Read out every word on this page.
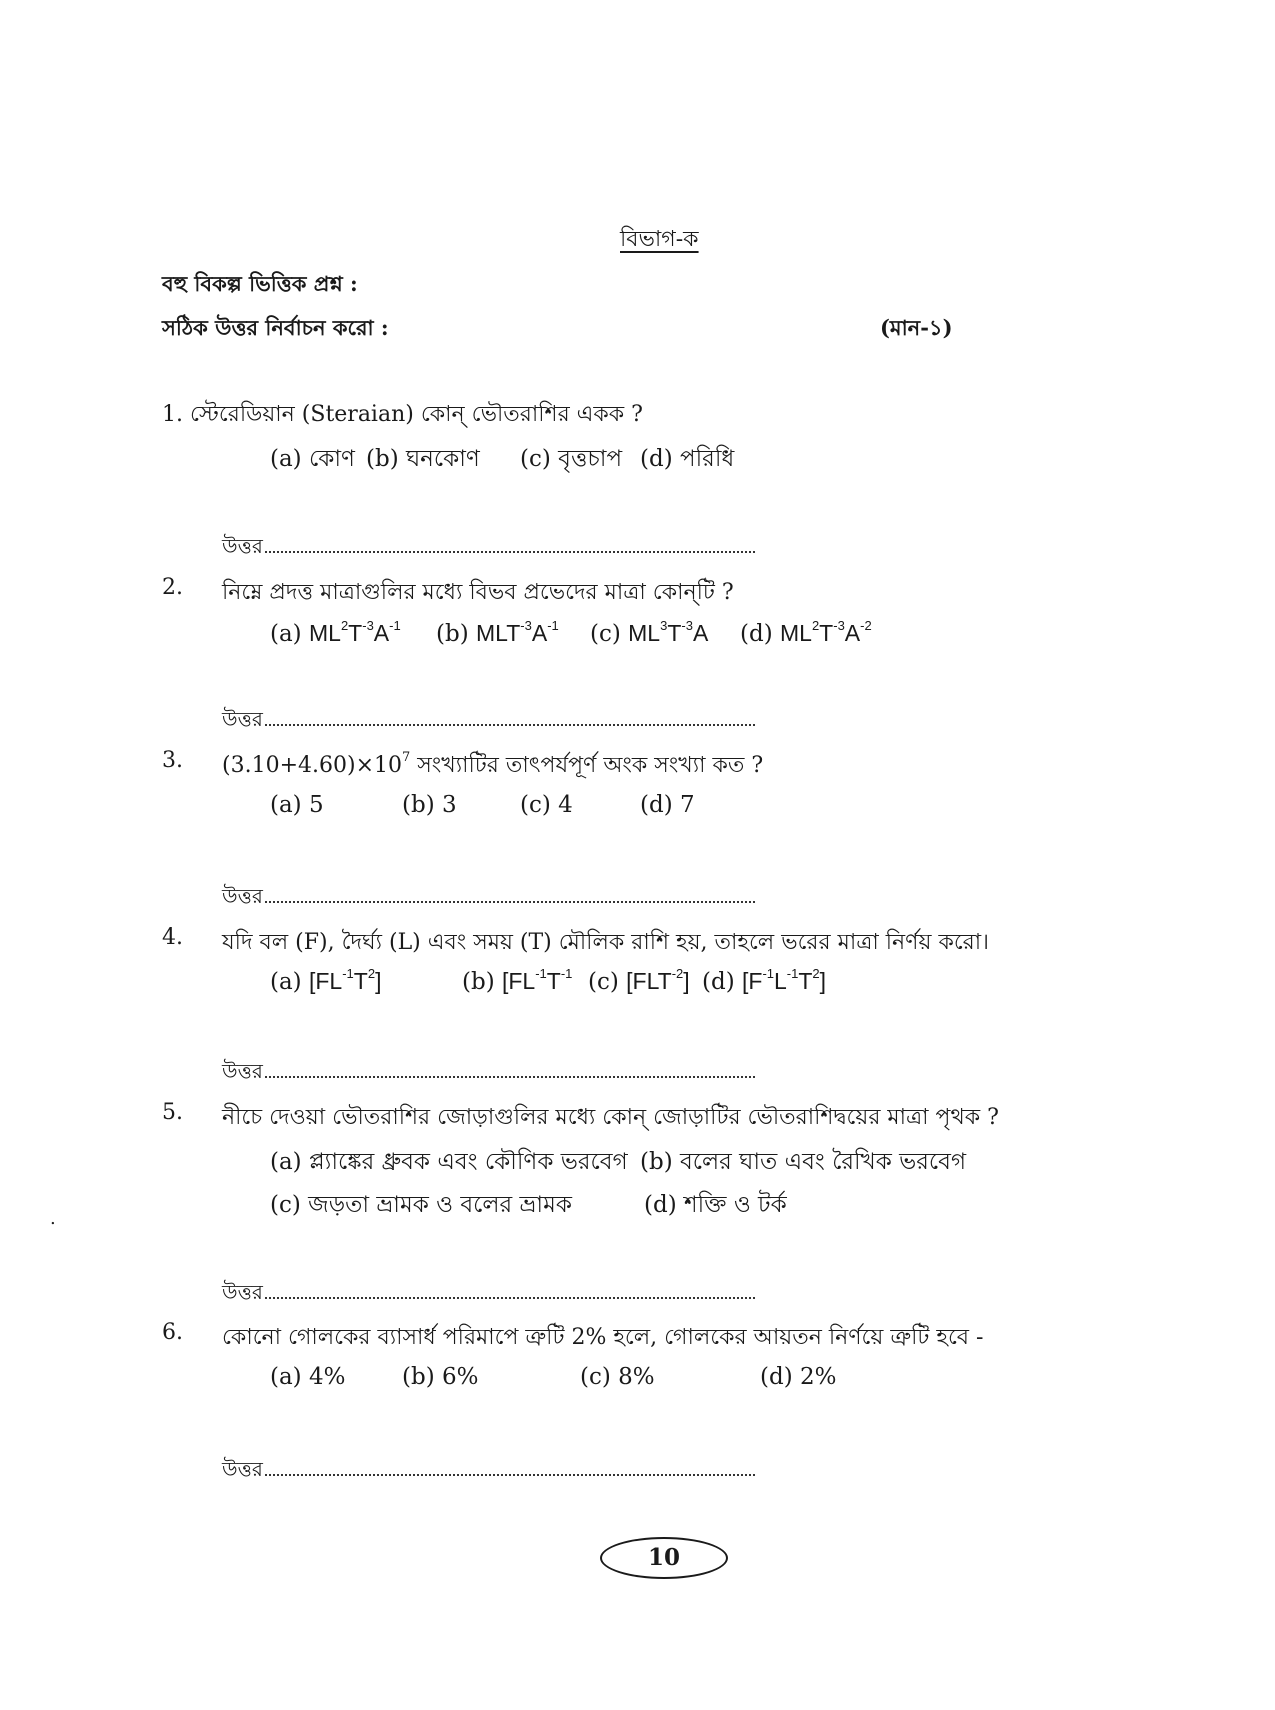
বিভাগ-ক
বহু বিকল্প ভিত্তিক প্রশ্ন :
সঠিক উত্তর নির্বাচন করো :	(মান-১)
1. স্টেরেডিয়ান (Steraian) কোন্ ভৌতরাশির একক ?
(a) কোণ (b) ঘনকোণ (c) বৃত্তচাপ (d) পরিধি
উত্তর
2. নিম্নে প্রদত্ত মাত্রাগুলির মধ্যে বিভব প্রভেদের মাত্রা কোন্‌টি ?
(a) $ML^2T^{-3}A^{-1}$ (b) $MLT^{-3}A^{-1}$ (c) $ML^3T^{-3}A$ (d) $ML^2T^{-3}A^{-2}$
উত্তর
3. $(3.10+4.60)\times 10^7$ সংখ্যাটির তাৎপর্যপূর্ণ অংক সংখ্যা কত ?
(a) 5	(b) 3	(c) 4	(d) 7
উত্তর
4. যদি বল (F), দৈর্ঘ্য (L) এবং সময় (T) মৌলিক রাশি হয়, তাহলে ভরের মাত্রা নির্ণয় করো।
(a) $[FL^{-1}T^2]$	(b) [$FL^{-1}T^{-1}$ (c) $[FLT^{-2}]$ (d) $[F^{-1}L^{-1}T^2]$
উত্তর
5. নীচে দেওয়া ভৌতরাশির জোড়াগুলির মধ্যে কোন্ জোড়াটির ভৌতরাশিদ্বয়ের মাত্রা পৃথক ?
(a) প্ল্যাঙ্কের ধ্রুবক এবং কৌণিক ভরবেগ (b) বলের ঘাত এবং রৈখিক ভরবেগ
(c) জড়তা ভ্রামক ও বলের ভ্রামক	(d) শক্তি ও টর্ক
.
উত্তর
6. কোনো গোলকের ব্যাসার্ধ পরিমাপে ত্রুটি 2% হলে, গোলকের আয়তন নির্ণয়ে ত্রুটি হবে -
(a) 4% (b) 6%	(c) 8%	(d) 2%
উত্তর
10
